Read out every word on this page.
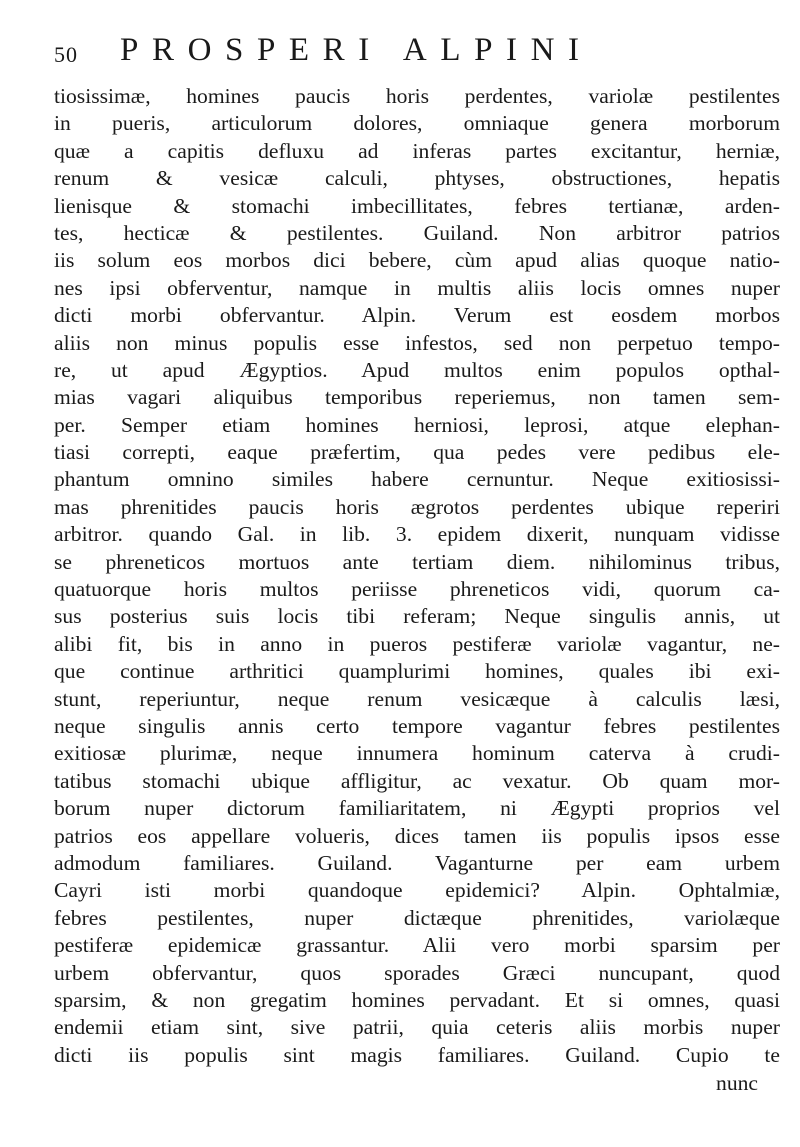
50 PROSPERI ALPINI
tiosissimæ, homines paucis horis perdentes, variolæ pestilentes
in pueris, articulorum dolores, omniaque genera morborum
quæ a capitis defluxu ad inferas partes excitantur, herniæ,
renum & vesicæ calculi, phtyses, obstructiones, hepatis
lienisque & stomachi imbecillitates, febres tertianæ, arden-
tes, hecticæ & pestilentes. Guiland. Non arbitror patrios
iis solum eos morbos dici bebere, cùm apud alias quoque natio-
nes ipsi obferventur, namque in multis aliis locis omnes nuper
dicti morbi obfervantur. Alpin. Verum est eosdem morbos
aliis non minus populis esse infestos, sed non perpetuo tempo-
re, ut apud Ægyptios. Apud multos enim populos opthal-
mias vagari aliquibus temporibus reperiemus, non tamen sem-
per. Semper etiam homines herniosi, leprosi, atque elephan-
tiasi correpti, eaque præfertim, qua pedes vere pedibus ele-
phantum omnino similes habere cernuntur. Neque exitiosissi-
mas phrenitides paucis horis ægrotos perdentes ubique reperiri
arbitror. quando Gal. in lib. 3. epidem dixerit, nunquam vidisse
se phreneticos mortuos ante tertiam diem. nihilominus tribus,
quatuorque horis multos periisse phreneticos vidi, quorum ca-
sus posterius suis locis tibi referam; Neque singulis annis, ut
alibi fit, bis in anno in pueros pestiferæ variolæ vagantur, ne-
que continue arthritici quamplurimi homines, quales ibi exi-
stunt, reperiuntur, neque renum vesicæque à calculis læsi,
neque singulis annis certo tempore vagantur febres pestilentes
exitiosæ plurimæ, neque innumera hominum caterva à crudi-
tatibus stomachi ubique affligitur, ac vexatur. Ob quam mor-
borum nuper dictorum familiaritatem, ni Ægypti proprios vel
patrios eos appellare volueris, dices tamen iis populis ipsos esse
admodum familiares. Guiland. Vaganturne per eam urbem
Cayri isti morbi quandoque epidemici? Alpin. Ophtalmiæ,
febres pestilentes, nuper dictæque phrenitides, variolæque
pestiferæ epidemicæ grassantur. Alii vero morbi sparsim per
urbem obfervantur, quos sporades Græci nuncupant, quod
sparsim, & non gregatim homines pervadant. Et si omnes, quasi
endemii etiam sint, sive patrii, quia ceteris aliis morbis nuper
dicti iis populis sint magis familiares. Guiland. Cupio te
nunc
